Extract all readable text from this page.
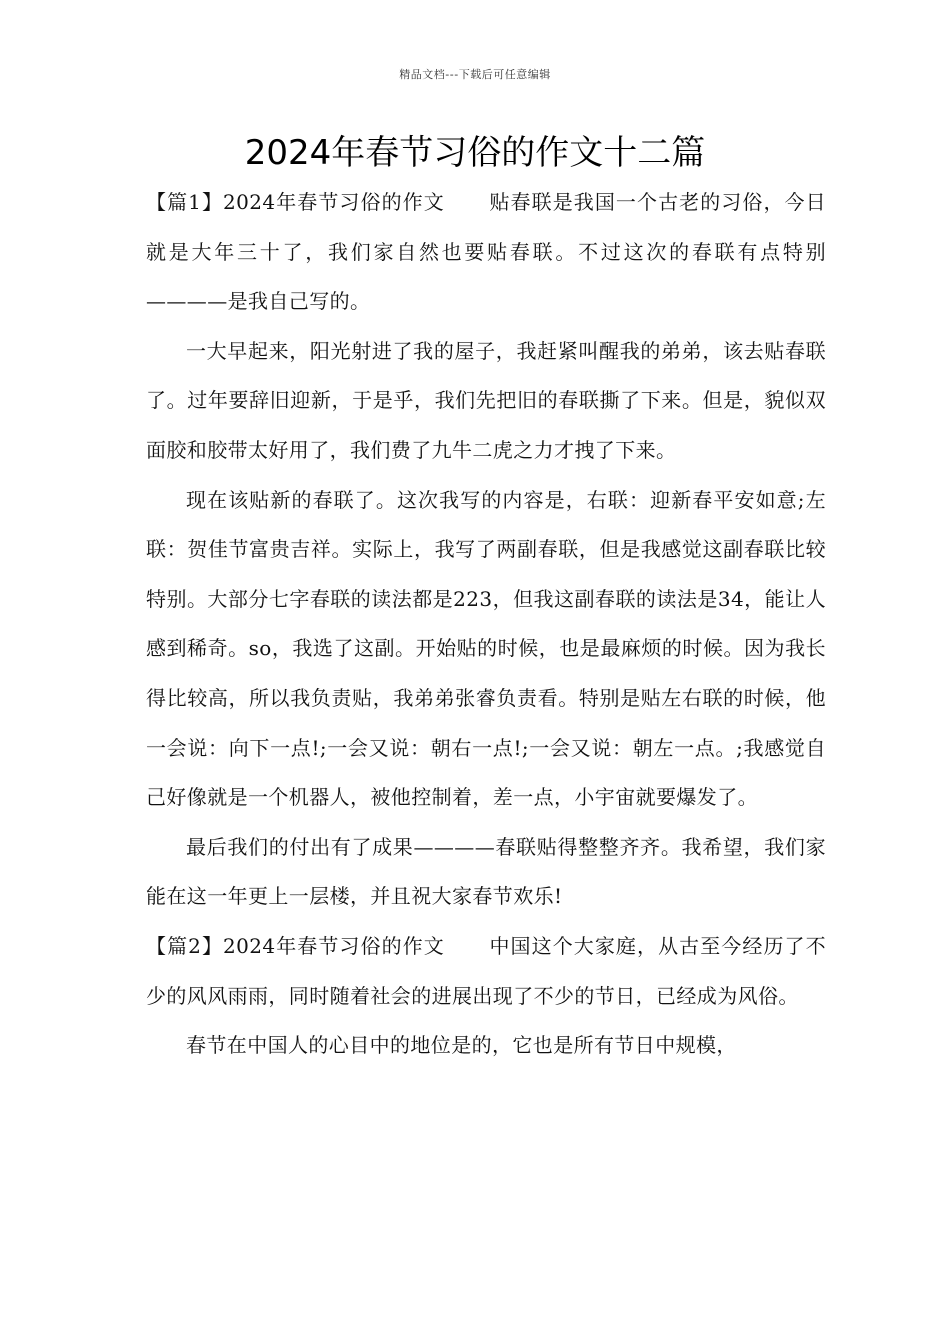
精品文档---下载后可任意编辑
2024年春节习俗的作文十二篇

【篇1】2024年春节习俗的作文 贴春联是我国一个古老的习俗，今日就是大年三十了，我们家自然也要贴春联。不过这次的春联有点特别————是我自己写的。

一大早起来，阳光射进了我的屋子，我赶紧叫醒我的弟弟，该去贴春联了。过年要辞旧迎新，于是乎，我们先把旧的春联撕了下来。但是，貌似双面胶和胶带太好用了，我们费了九牛二虎之力才拽了下来。

现在该贴新的春联了。这次我写的内容是，右联：迎新春平安如意;左联：贺佳节富贵吉祥。实际上，我写了两副春联，但是我感觉这副春联比较特别。大部分七字春联的读法都是223，但我这副春联的读法是34，能让人感到稀奇。so，我选了这副。开始贴的时候，也是最麻烦的时候。因为我长得比较高，所以我负责贴，我弟弟张睿负责看。特别是贴左右联的时候，他一会说：向下一点!;一会又说：朝右一点!;一会又说：朝左一点。;我感觉自己好像就是一个机器人，被他控制着，差一点，小宇宙就要爆发了。

最后我们的付出有了成果————春联贴得整整齐齐。我希望，我们家能在这一年更上一层楼，并且祝大家春节欢乐!

【篇2】2024年春节习俗的作文 中国这个大家庭，从古至今经历了不少的风风雨雨，同时随着社会的进展出现了不少的节日，已经成为风俗。

春节在中国人的心目中的地位是的，它也是所有节日中规模，
